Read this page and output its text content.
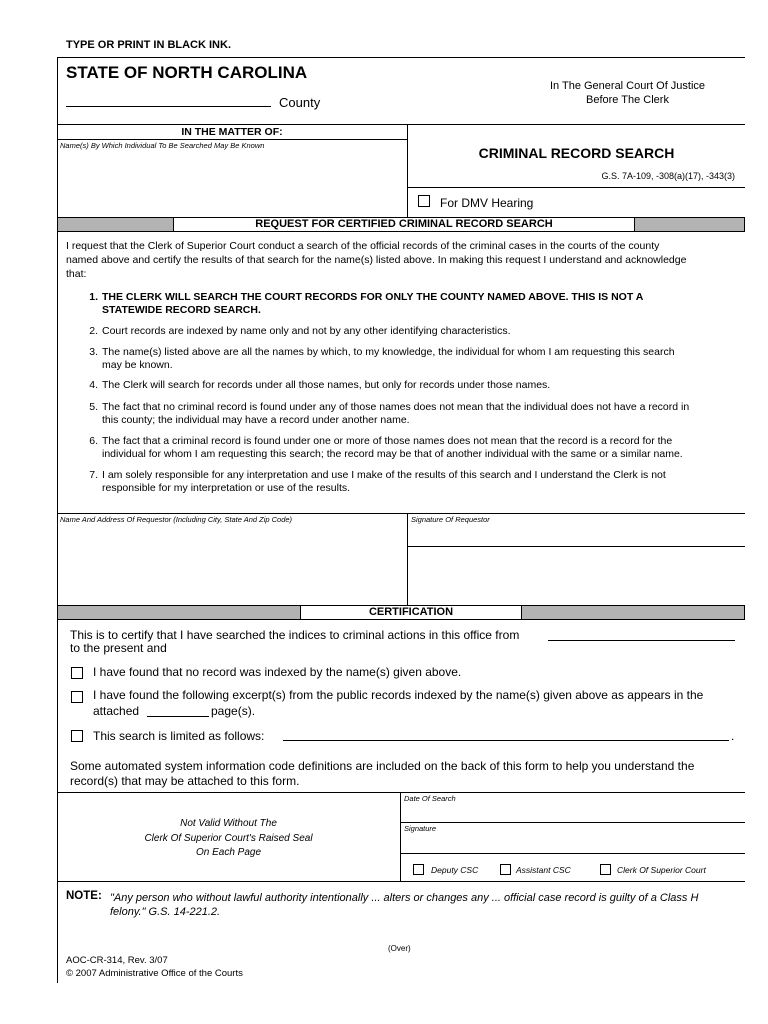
TYPE OR PRINT IN BLACK INK.
STATE OF NORTH CAROLINA
County
In The General Court Of Justice
Before The Clerk
IN THE MATTER OF:
Name(s) By Which Individual To Be Searched May Be Known	CRIMINAL RECORD SEARCH
G.S. 7A-109, -308(a)(17), -343(3)
For DMV Hearing
REQUEST FOR CERTIFIED CRIMINAL RECORD SEARCH
I request that the Clerk of Superior Court conduct a search of the official records of the criminal cases in the courts of the county
named above and certify the results of that search for the name(s) listed above. In making this request I understand and acknowledge
that:
1. THE CLERK WILL SEARCH THE COURT RECORDS FOR ONLY THE COUNTY NAMED ABOVE. THIS IS NOT A
STATEWIDE RECORD SEARCH.
2. Court records are indexed by name only and not by any other identifying characteristics.
3. The name(s) listed above are all the names by which, to my knowledge, the individual for whom I am requesting this search
may be known.
4. The Clerk will search for records under all those names, but only for records under those names.
5. The fact that no criminal record is found under any of those names does not mean that the individual does not have a record in
this county; the individual may have a record under another name.
6. The fact that a criminal record is found under one or more of those names does not mean that the record is a record for the
individual for whom I am requesting this search; the record may be that of another individual with the same or a similar name.
7. I am solely responsible for any interpretation and use I make of the results of this search and I understand the Clerk is not
responsible for my interpretation or use of the results.
Name And Address Of Requestor (Including City, State And Zip Code)	Signature Of Requestor
CERTIFICATION
This is to certify that I have searched the indices to criminal actions in this office from
to the present and
I have found that no record was indexed by the name(s) given above.
I have found the following excerpt(s) from the public records indexed by the name(s) given above as appears in the
attached	page(s).
This search is limited as follows:	.
Some automated system information code definitions are included on the back of this form to help you understand the
record(s) that may be attached to this form.
Not Valid Without The
Clerk Of Superior Court's Raised Seal
On Each Page
Date Of Search
Signature
Deputy CSC	Assistant CSC	Clerk Of Superior Court
NOTE: "Any person who without lawful authority intentionally ... alters or changes any ... official case record is guilty of a Class H
felony." G.S. 14-221.2.
(Over)
AOC-CR-314, Rev. 3/07
© 2007 Administrative Office of the Courts
